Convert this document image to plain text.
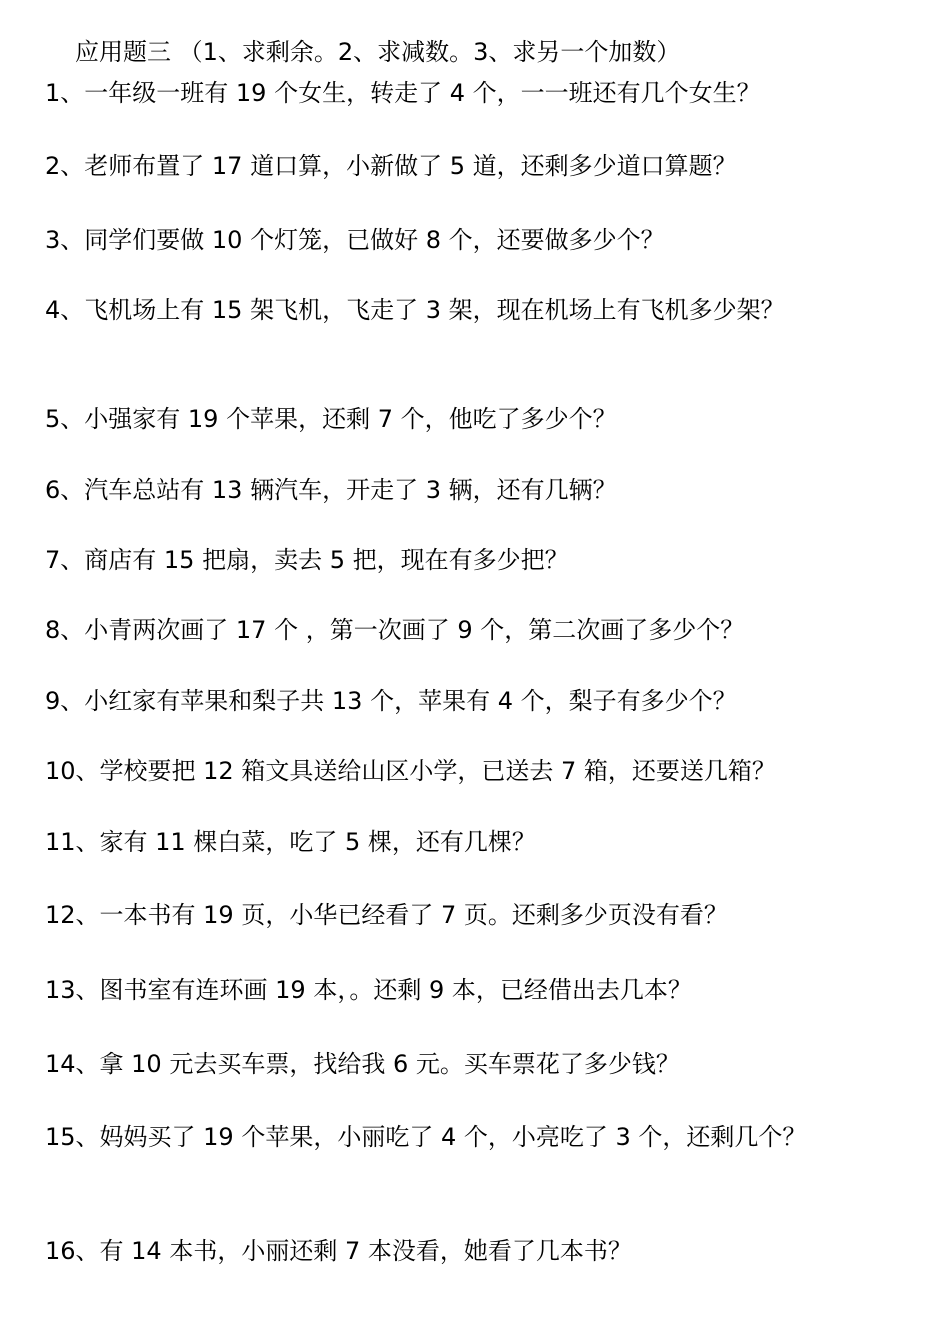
应用题三 （1、求剩余。2、求减数。3、求另一个加数）
1、一年级一班有 19 个女生，转走了 4 个，一一班还有几个女生？
2、老师布置了 17 道口算，小新做了 5 道，还剩多少道口算题？
3、同学们要做 10 个灯笼，已做好 8 个，还要做多少个？
4、飞机场上有 15 架飞机，飞走了 3 架，现在机场上有飞机多少架？
5、小强家有 19 个苹果，还剩 7 个，他吃了多少个？
6、汽车总站有 13 辆汽车，开走了 3 辆，还有几辆？
7、商店有 15 把扇，卖去 5 把，现在有多少把？
8、小青两次画了 17 个 ，第一次画了 9 个，第二次画了多少个？
9、小红家有苹果和梨子共 13 个，苹果有 4 个，梨子有多少个？
10、学校要把 12 箱文具送给山区小学，已送去 7 箱，还要送几箱？
11、家有 11 棵白菜，吃了 5 棵，还有几棵？
12、一本书有 19 页，小华已经看了 7 页。还剩多少页没有看？
13、图书室有连环画 19 本，。还剩 9 本，已经借出去几本？
14、拿 10 元去买车票，找给我 6 元。买车票花了多少钱？
15、妈妈买了 19 个苹果，小丽吃了 4 个，小亮吃了 3 个，还剩几个？
16、有 14 本书，小丽还剩 7 本没看，她看了几本书？
